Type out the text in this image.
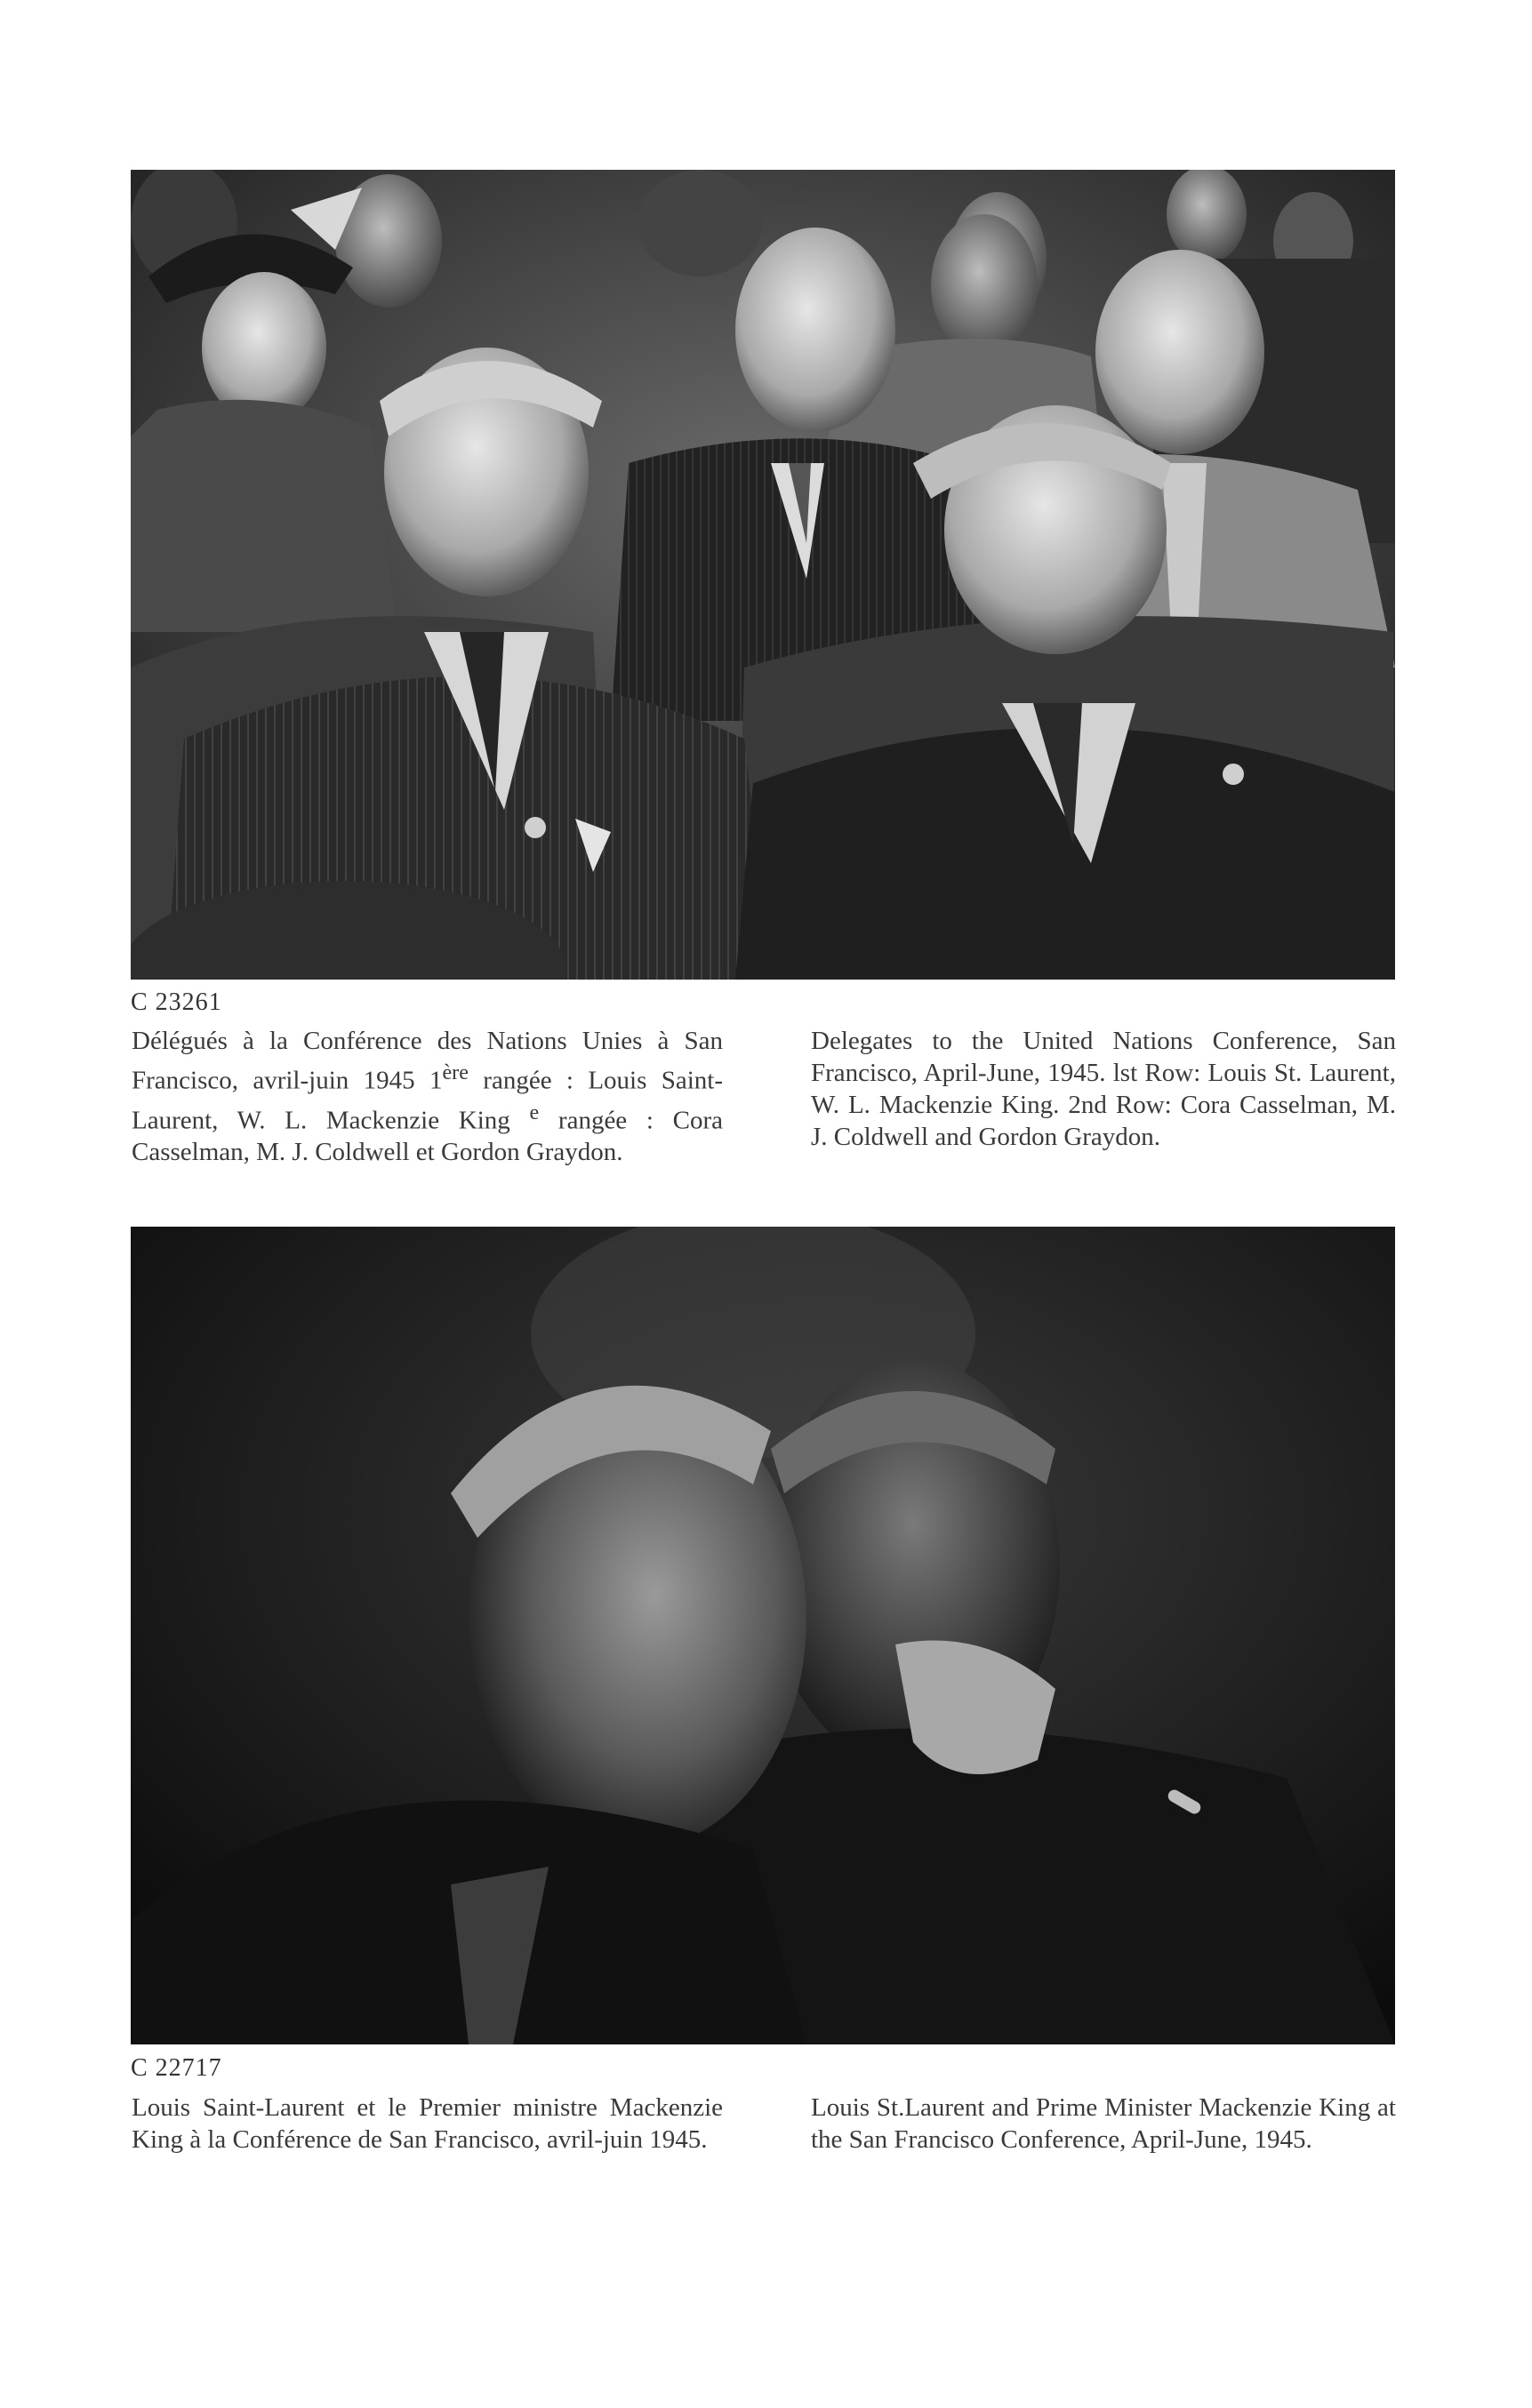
C 23261
Délégués à la Conférence des Nations Unies à San Francisco, avril-juin 1945 1ère rangée : Louis Saint-Laurent, W. L. Mackenzie King $^e$ rangée : Cora Casselman, M. J. Coldwell et Gordon Graydon.
Delegates to the United Nations Conference, San Francisco, April-June, 1945. lst Row: Louis St. Laurent, W. L. Mackenzie King. 2nd Row: Cora Casselman, M. J. Coldwell and Gordon Graydon.
C 22717
Louis Saint-Laurent et le Premier ministre Mackenzie King à la Conférence de San Francisco, avril-juin 1945.
Louis St.Laurent and Prime Minister Mackenzie King at the San Francisco Conference, April-June, 1945.
